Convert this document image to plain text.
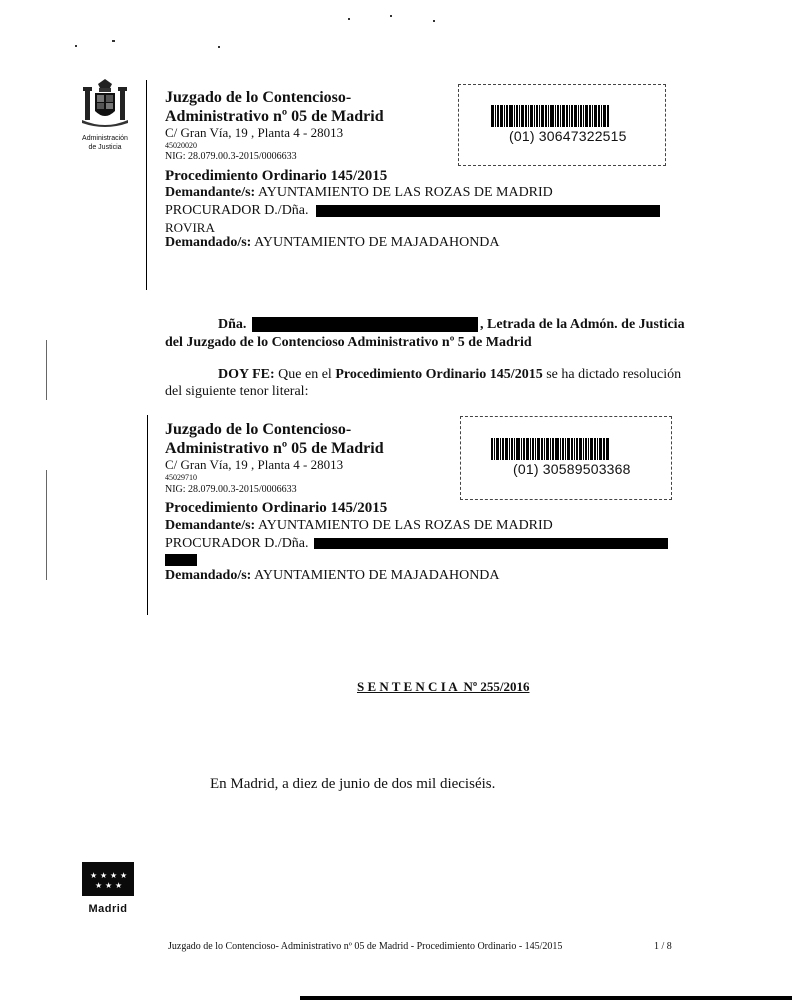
Administración
de Justicia
Juzgado de lo Contencioso-
Administrativo nº 05 de Madrid
C/ Gran Vía, 19 , Planta 4 - 28013
45020020
NIG: 28.079.00.3-2015/0006633
Procedimiento Ordinario 145/2015
Demandante/s: AYUNTAMIENTO DE LAS ROZAS DE MADRID
PROCURADOR D./Dña.
ROVIRA
Demandado/s: AYUNTAMIENTO DE MAJADAHONDA
(01) 30647322515
Dña.	, Letrada de la Admón. de Justicia
del Juzgado de lo Contencioso Administrativo nº 5 de Madrid
DOY FE: Que en el Procedimiento Ordinario 145/2015 se ha dictado resolución
del siguiente tenor literal:
Juzgado de lo Contencioso-
Administrativo nº 05 de Madrid
C/ Gran Vía, 19 , Planta 4 - 28013
45029710
NIG: 28.079.00.3-2015/0006633
Procedimiento Ordinario 145/2015
Demandante/s: AYUNTAMIENTO DE LAS ROZAS DE MADRID
PROCURADOR D./Dña.
Demandado/s: AYUNTAMIENTO DE MAJADAHONDA
(01) 30589503368
S E N T E N C I A  Nº 255/2016
En Madrid, a diez de junio de dos mil dieciséis.
★ ★ ★ ★
★ ★ ★
Madrid
Juzgado de lo Contencioso- Administrativo nº 05 de Madrid - Procedimiento Ordinario - 145/2015	1 / 8
